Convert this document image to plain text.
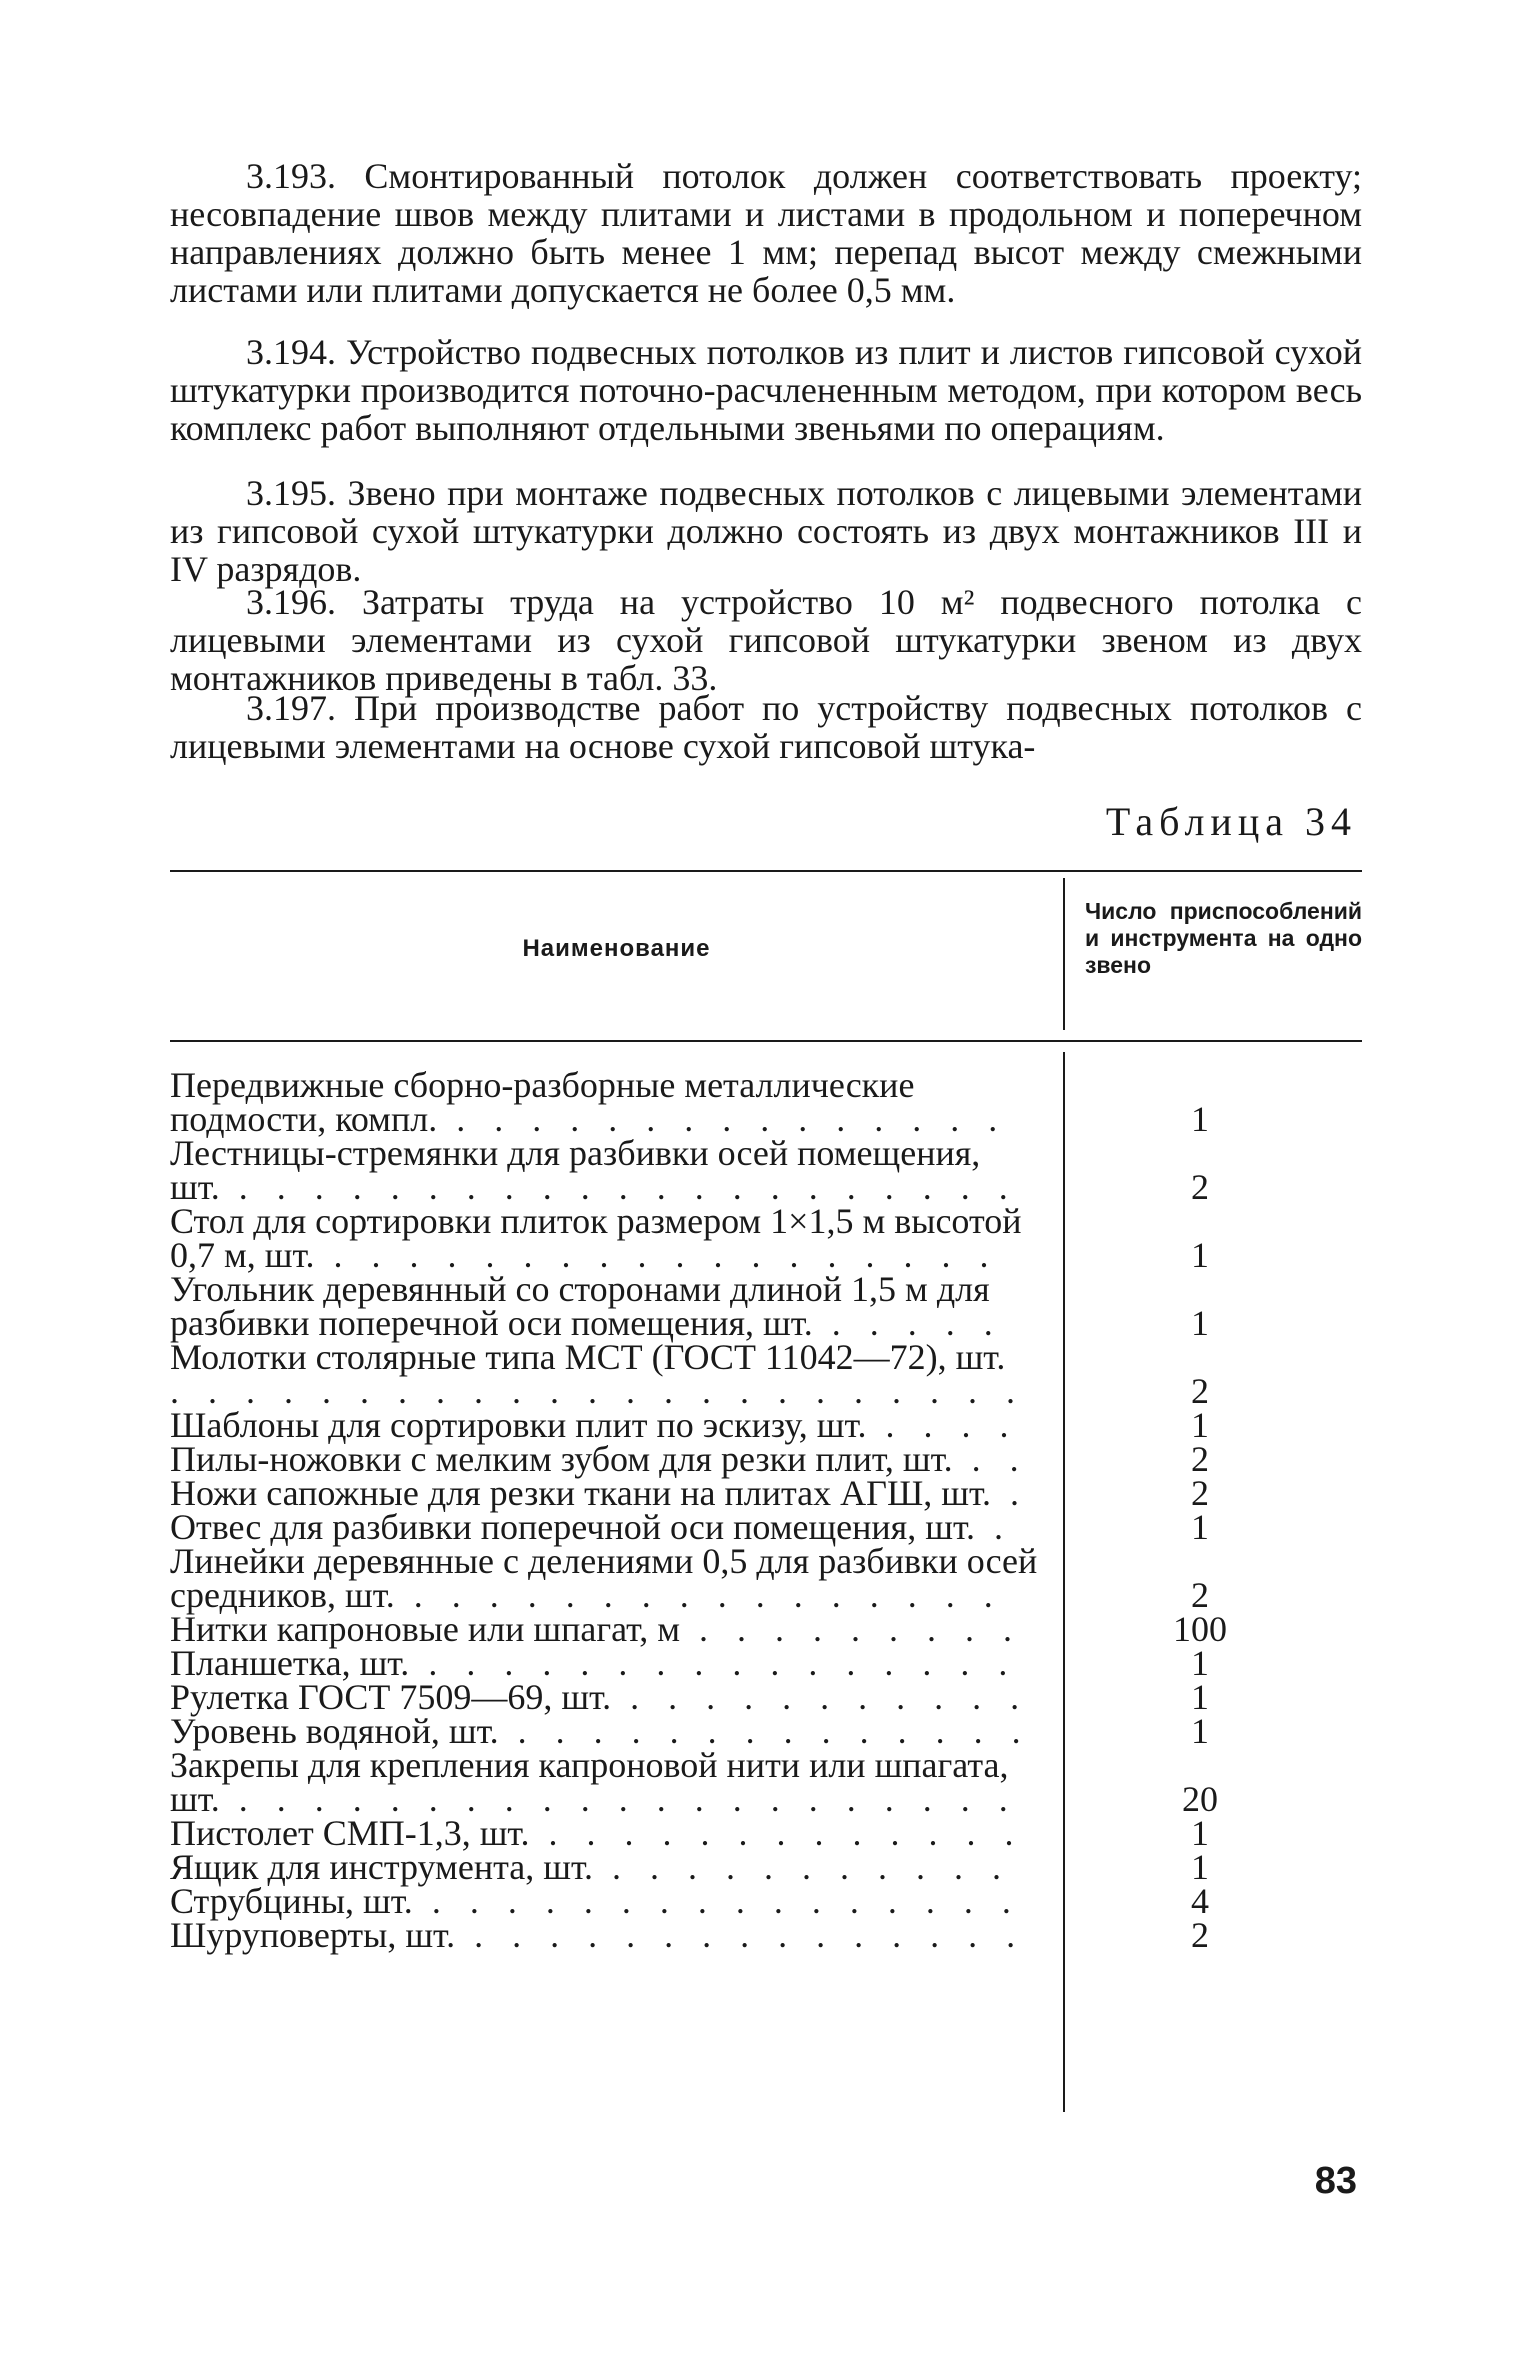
3.193. Смонтированный потолок должен соответствовать проекту; несовпадение швов между плитами и листами в продольном и поперечном направлениях должно быть менее 1 мм; перепад высот между смежными листами или плитами допускается не более 0,5 мм.

3.194. Устройство подвесных потолков из плит и листов гипсовой сухой штукатурки производится поточно-расчлененным методом, при котором весь комплекс работ выполняют отдельными звеньями по операциям.

3.195. Звено при монтаже подвесных потолков с лицевыми элементами из гипсовой сухой штукатурки должно состоять из двух монтажников III и IV разрядов.

3.196. Затраты труда на устройство 10 м² подвесного потолка с лицевыми элементами из сухой гипсовой штукатурки звеном из двух монтажников приведены в табл. 33.

3.197. При производстве работ по устройству подвесных потолков с лицевыми элементами на основе сухой гипсовой штука-

Таблица 34

Наименование

Число приспособлений и инструмента на одно звено

Передвижные сборно-разборные металлические подмости, компл. . . . . . . . . . . . . . . .	1
Лестницы-стремянки для разбивки осей помещения, шт. . . . . . . . . . . . . . . . . . . . . .	2
Стол для сортировки плиток размером 1×1,5 м высотой 0,7 м, шт. . . . . . . . . . . . . . . . . . .	1
Угольник деревянный со сторонами длиной 1,5 м для разбивки поперечной оси помещения, шт. . . . . .	1
Молотки столярные типа МСТ (ГОСТ 11042—72), шт. . . . . . . . . . . . . . . . . . . . . . . .	2
Шаблоны для сортировки плит по эскизу, шт. . . . .	1
Пилы-ножовки с мелким зубом для резки плит, шт. . .	2
Ножи сапожные для резки ткани на плитах АГШ, шт. .	2
Отвес для разбивки поперечной оси помещения, шт. .	1
Линейки деревянные с делениями 0,5 для разбивки осей средников, шт. . . . . . . . . . . . . . . . .	2
Нитки капроновые или шпагат, м . . . . . . . . .	100
Планшетка, шт. . . . . . . . . . . . . . . . .	1
Рулетка ГОСТ 7509—69, шт. . . . . . . . . . . .	1
Уровень водяной, шт. . . . . . . . . . . . . . .	1
Закрепы для крепления капроновой нити или шпагата, шт. . . . . . . . . . . . . . . . . . . . . .	20
Пистолет СМП-1,3, шт. . . . . . . . . . . . . .	1
Ящик для инструмента, шт. . . . . . . . . . . .	1
Струбцины, шт. . . . . . . . . . . . . . . . .	4
Шуруповерты, шт. . . . . . . . . . . . . . . .	2

83
